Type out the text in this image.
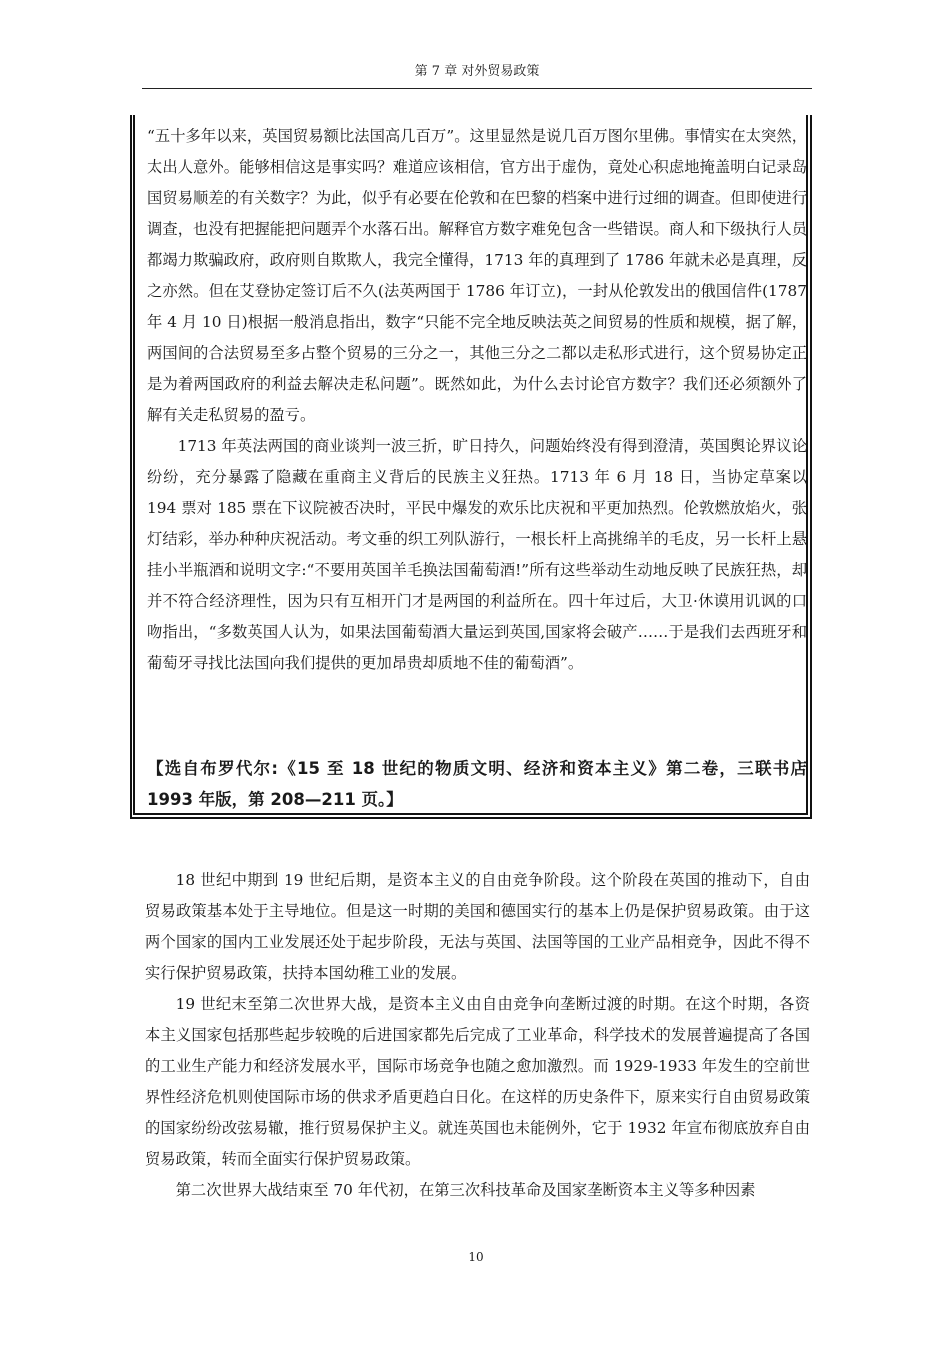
第 7 章 对外贸易政策

“五十多年以来，英国贸易额比法国高几百万”。这里显然是说几百万图尔里佛。事情实在太突然，太出人意外。能够相信这是事实吗？难道应该相信，官方出于虚伪，竟处心积虑地掩盖明白记录岛国贸易顺差的有关数字？为此，似乎有必要在伦敦和在巴黎的档案中进行过细的调查。但即使进行调查，也没有把握能把问题弄个水落石出。解释官方数字难免包含一些错误。商人和下级执行人员都竭力欺骗政府，政府则自欺欺人，我完全懂得，1713 年的真理到了 1786 年就未必是真理，反之亦然。但在艾登协定签订后不久(法英两国于 1786 年订立)，一封从伦敦发出的俄国信件(1787 年 4 月 10 日)根据一般消息指出，数字“只能不完全地反映法英之间贸易的性质和规模，据了解，两国间的合法贸易至多占整个贸易的三分之一，其他三分之二都以走私形式进行，这个贸易协定正是为着两国政府的利益去解决走私问题”。既然如此，为什么去讨论官方数字？我们还必须额外了解有关走私贸易的盈亏。

1713 年英法两国的商业谈判一波三折，旷日持久，问题始终没有得到澄清，英国舆论界议论纷纷，充分暴露了隐藏在重商主义背后的民族主义狂热。1713 年 6 月 18 日，当协定草案以 194 票对 185 票在下议院被否决时，平民中爆发的欢乐比庆祝和平更加热烈。伦敦燃放焰火，张灯结彩，举办种种庆祝活动。考文垂的织工列队游行，一根长杆上高挑绵羊的毛皮，另一长杆上悬挂小半瓶酒和说明文字:“不要用英国羊毛换法国葡萄酒!”所有这些举动生动地反映了民族狂热，却并不符合经济理性，因为只有互相开门才是两国的利益所在。四十年过后，大卫·休谟用讥讽的口吻指出，“多数英国人认为，如果法国葡萄酒大量运到英国,国家将会破产……于是我们去西班牙和葡萄牙寻找比法国向我们提供的更加昂贵却质地不佳的葡萄酒”。

【选自布罗代尔:《15 至 18 世纪的物质文明、经济和资本主义》第二卷，三联书店 1993 年版，第 208—211 页。】

18 世纪中期到 19 世纪后期，是资本主义的自由竞争阶段。这个阶段在英国的推动下，自由贸易政策基本处于主导地位。但是这一时期的美国和德国实行的基本上仍是保护贸易政策。由于这两个国家的国内工业发展还处于起步阶段，无法与英国、法国等国的工业产品相竞争，因此不得不实行保护贸易政策，扶持本国幼稚工业的发展。

19 世纪末至第二次世界大战，是资本主义由自由竞争向垄断过渡的时期。在这个时期，各资本主义国家包括那些起步较晚的后进国家都先后完成了工业革命，科学技术的发展普遍提高了各国的工业生产能力和经济发展水平，国际市场竞争也随之愈加激烈。而 1929-1933 年发生的空前世界性经济危机则使国际市场的供求矛盾更趋白日化。在这样的历史条件下，原来实行自由贸易政策的国家纷纷改弦易辙，推行贸易保护主义。就连英国也未能例外，它于 1932 年宣布彻底放弃自由贸易政策，转而全面实行保护贸易政策。

第二次世界大战结束至 70 年代初，在第三次科技革命及国家垄断资本主义等多种因素

10
